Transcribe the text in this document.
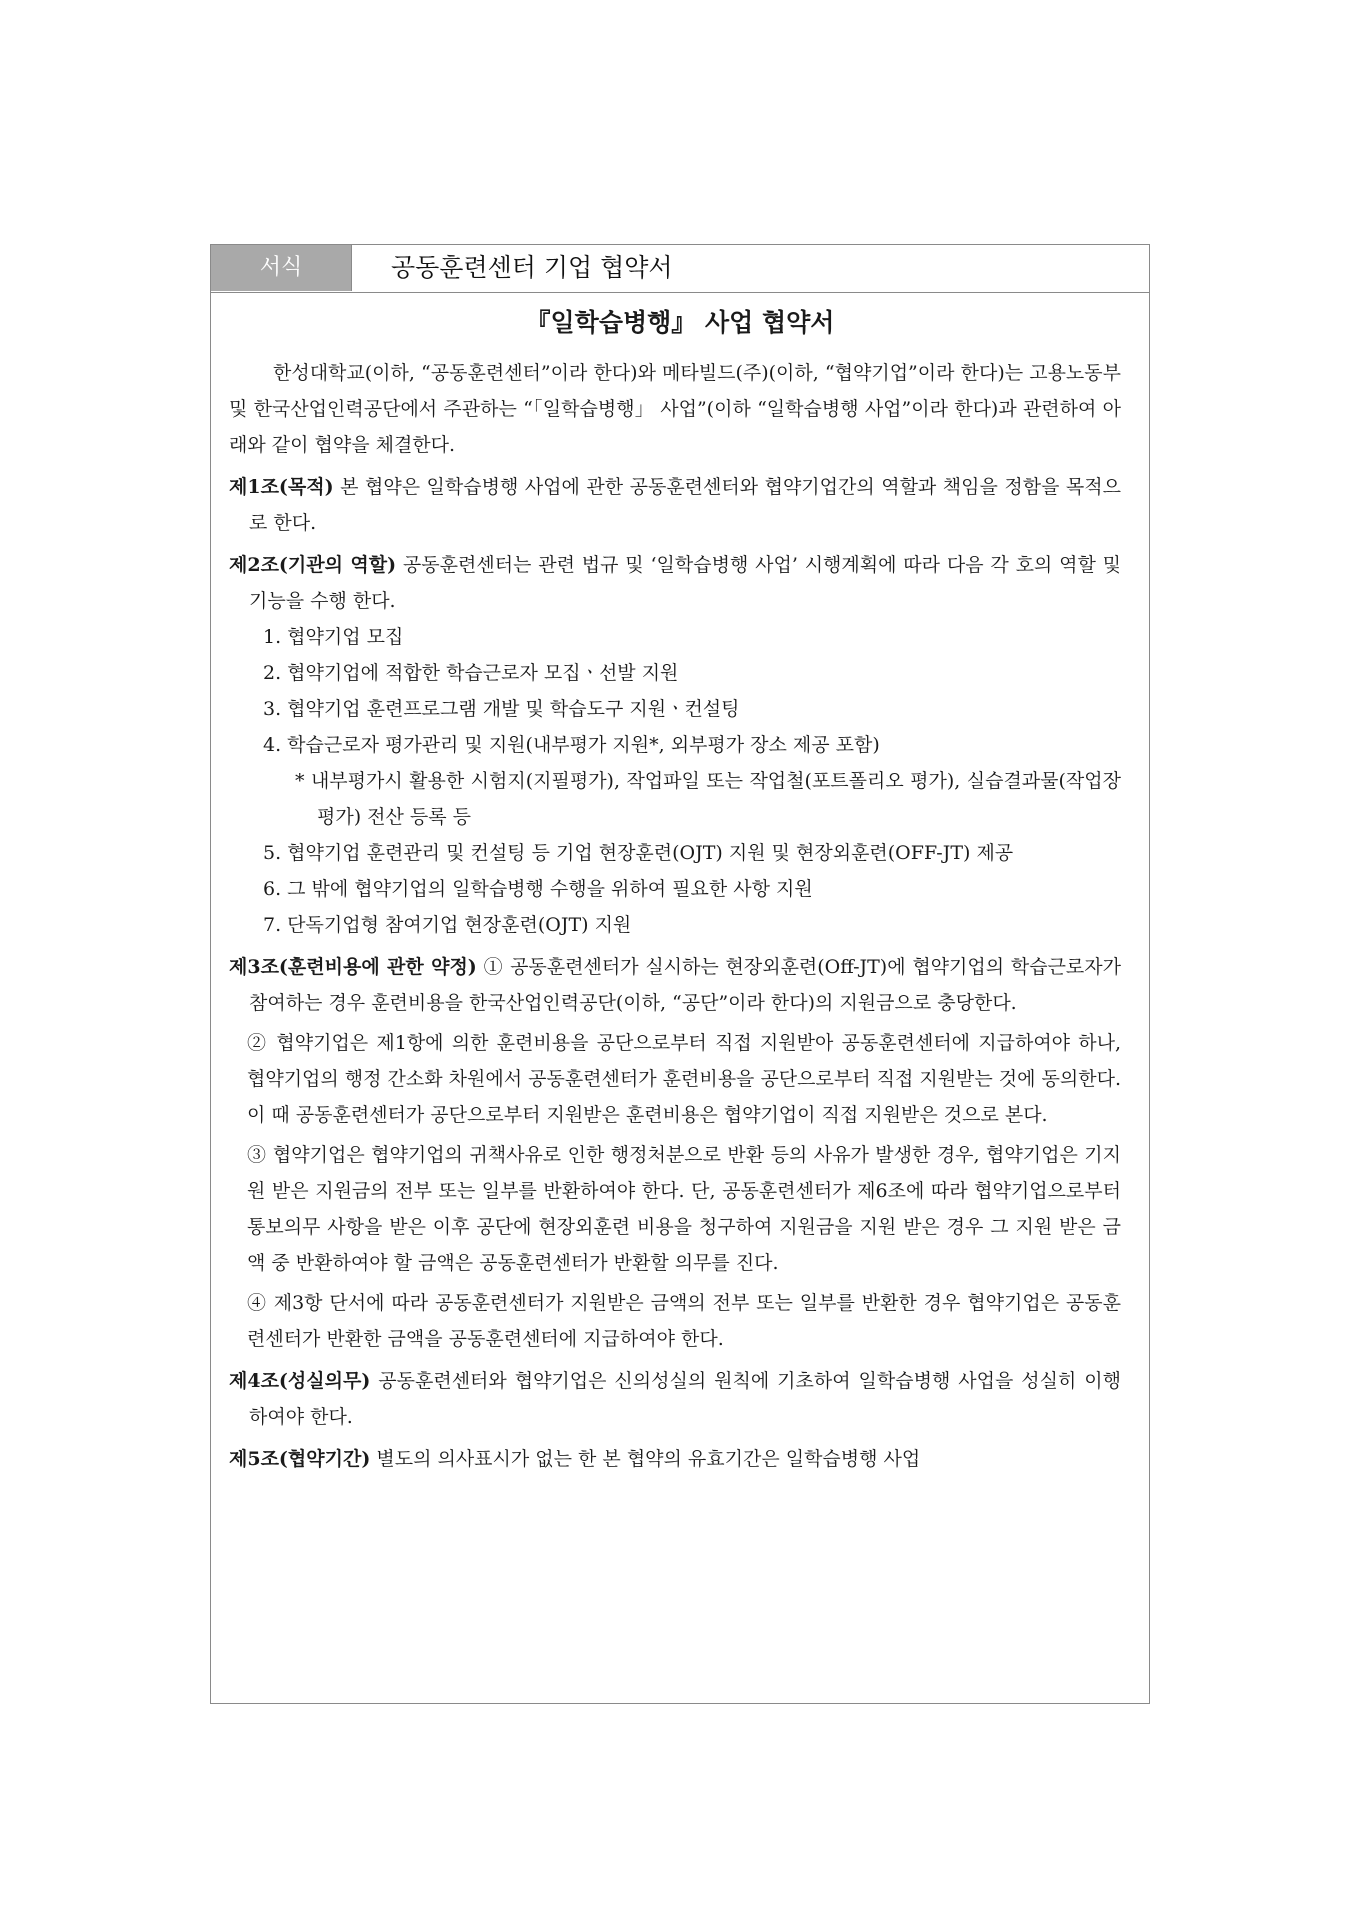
서식	공동훈련센터 기업 협약서
『일학습병행』 사업 협약서

한성대학교(이하, “공동훈련센터”이라 한다)와 메타빌드(주)(이하, “협약기업”이라 한다)는 고용노동부 및 한국산업인력공단에서 주관하는 “「일학습병행」 사업”(이하 “일학습병행 사업”이라 한다)과 관련하여 아래와 같이 협약을 체결한다.

제1조(목적) 본 협약은 일학습병행 사업에 관한 공동훈련센터와 협약기업간의 역할과 책임을 정함을 목적으로 한다.

제2조(기관의 역할) 공동훈련센터는 관련 법규 및 ‘일학습병행 사업’ 시행계획에 따라 다음 각 호의 역할 및 기능을 수행 한다.

1. 협약기업 모집
2. 협약기업에 적합한 학습근로자 모집ㆍ선발 지원
3. 협약기업 훈련프로그램 개발 및 학습도구 지원ㆍ컨설팅
4. 학습근로자 평가관리 및 지원(내부평가 지원*, 외부평가 장소 제공 포함)

* 내부평가시 활용한 시험지(지필평가), 작업파일 또는 작업철(포트폴리오 평가), 실습결과물(작업장 평가) 전산 등록 등

5. 협약기업 훈련관리 및 컨설팅 등 기업 현장훈련(OJT) 지원 및 현장외훈련(OFF-JT) 제공
6. 그 밖에 협약기업의 일학습병행 수행을 위하여 필요한 사항 지원
7. 단독기업형 참여기업 현장훈련(OJT) 지원

제3조(훈련비용에 관한 약정) ① 공동훈련센터가 실시하는 현장외훈련(Off-JT)에 협약기업의 학습근로자가 참여하는 경우 훈련비용을 한국산업인력공단(이하, “공단”이라 한다)의 지원금으로 충당한다.

② 협약기업은 제1항에 의한 훈련비용을 공단으로부터 직접 지원받아 공동훈련센터에 지급하여야 하나, 협약기업의 행정 간소화 차원에서 공동훈련센터가 훈련비용을 공단으로부터 직접 지원받는 것에 동의한다. 이 때 공동훈련센터가 공단으로부터 지원받은 훈련비용은 협약기업이 직접 지원받은 것으로 본다.

③ 협약기업은 협약기업의 귀책사유로 인한 행정처분으로 반환 등의 사유가 발생한 경우, 협약기업은 기지원 받은 지원금의 전부 또는 일부를 반환하여야 한다. 단, 공동훈련센터가 제6조에 따라 협약기업으로부터 통보의무 사항을 받은 이후 공단에 현장외훈련 비용을 청구하여 지원금을 지원 받은 경우 그 지원 받은 금액 중 반환하여야 할 금액은 공동훈련센터가 반환할 의무를 진다.

④ 제3항 단서에 따라 공동훈련센터가 지원받은 금액의 전부 또는 일부를 반환한 경우 협약기업은 공동훈련센터가 반환한 금액을 공동훈련센터에 지급하여야 한다.

제4조(성실의무) 공동훈련센터와 협약기업은 신의성실의 원칙에 기초하여 일학습병행 사업을 성실히 이행하여야 한다.

제5조(협약기간) 별도의 의사표시가 없는 한 본 협약의 유효기간은 일학습병행 사업
